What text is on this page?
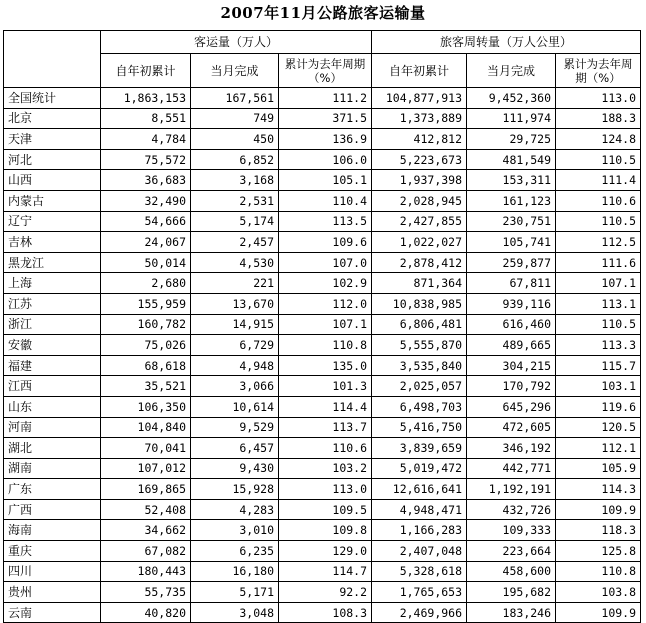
2007年11月公路旅客运输量
	客运量（万人）			旅客周转量（万人公里）		
	自年初累计	当月完成	累计为去年周期（%）	自年初累计	当月完成	累计为去年周期（%）
全国统计	1,863,153	167,561	111.2	104,877,913	9,452,360	113.0
北京	8,551	749	371.5	1,373,889	111,974	188.3
天津	4,784	450	136.9	412,812	29,725	124.8
河北	75,572	6,852	106.0	5,223,673	481,549	110.5
山西	36,683	3,168	105.1	1,937,398	153,311	111.4
内蒙古	32,490	2,531	110.4	2,028,945	161,123	110.6
辽宁	54,666	5,174	113.5	2,427,855	230,751	110.5
吉林	24,067	2,457	109.6	1,022,027	105,741	112.5
黑龙江	50,014	4,530	107.0	2,878,412	259,877	111.6
上海	2,680	221	102.9	871,364	67,811	107.1
江苏	155,959	13,670	112.0	10,838,985	939,116	113.1
浙江	160,782	14,915	107.1	6,806,481	616,460	110.5
安徽	75,026	6,729	110.8	5,555,870	489,665	113.3
福建	68,618	4,948	135.0	3,535,840	304,215	115.7
江西	35,521	3,066	101.3	2,025,057	170,792	103.1
山东	106,350	10,614	114.4	6,498,703	645,296	119.6
河南	104,840	9,529	113.7	5,416,750	472,605	120.5
湖北	70,041	6,457	110.6	3,839,659	346,192	112.1
湖南	107,012	9,430	103.2	5,019,472	442,771	105.9
广东	169,865	15,928	113.0	12,616,641	1,192,191	114.3
广西	52,408	4,283	109.5	4,948,471	432,726	109.9
海南	34,662	3,010	109.8	1,166,283	109,333	118.3
重庆	67,082	6,235	129.0	2,407,048	223,664	125.8
四川	180,443	16,180	114.7	5,328,618	458,600	110.8
贵州	55,735	5,171	92.2	1,765,653	195,682	103.8
云南	40,820	3,048	108.3	2,469,966	183,246	109.9
